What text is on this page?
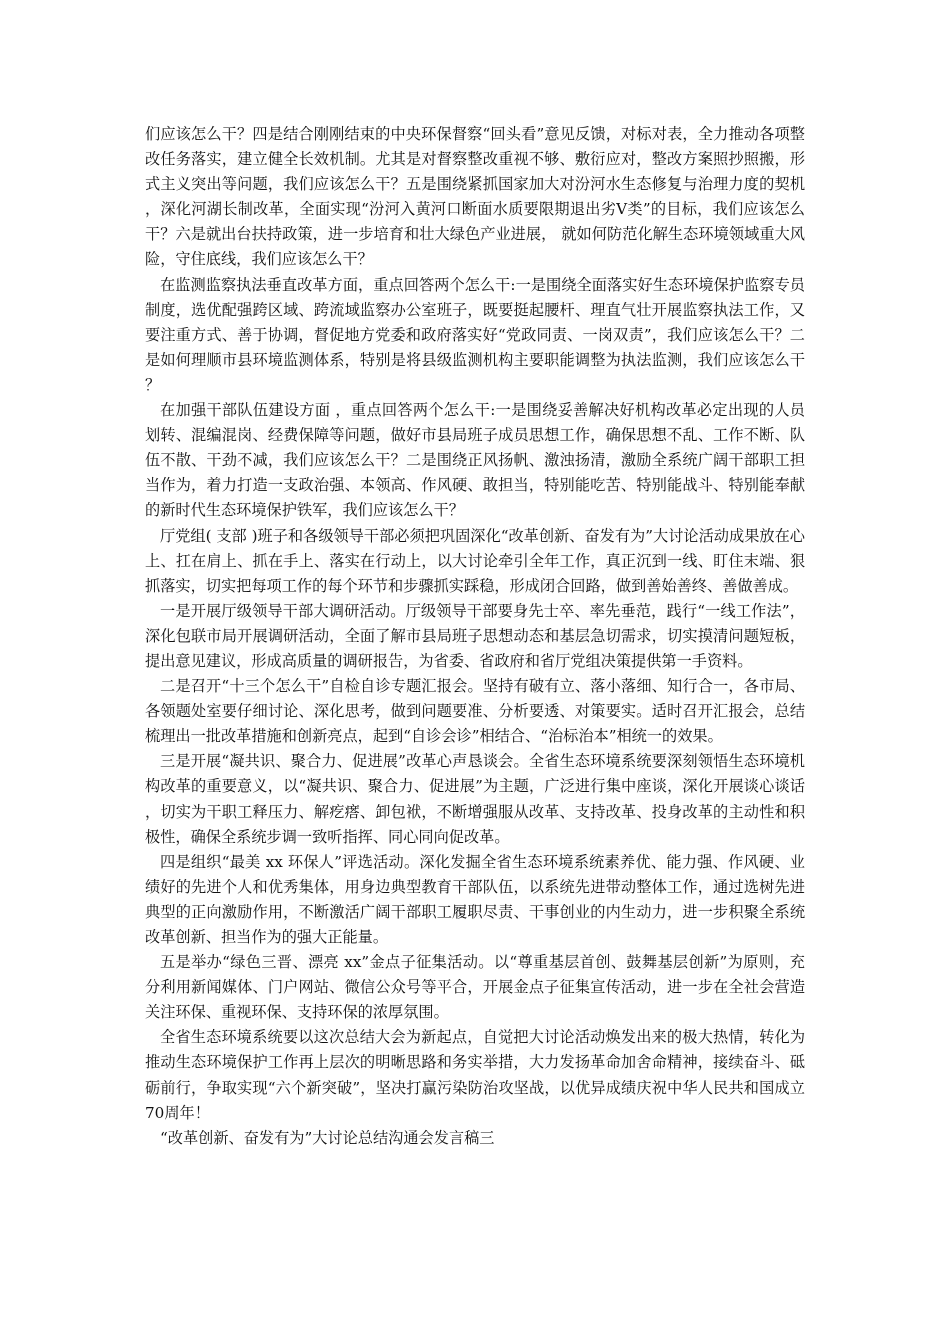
们应该怎么干？四是结合刚刚结束的中央环保督察“回头看”意见反馈，对标对表，全力推动各项整改任务落实，建立健全长效机制。尤其是对督察整改重视不够、敷衍应对，整改方案照抄照搬，形式主义突出等问题，我们应该怎么干？五是围绕紧抓国家加大对汾河水生态修复与治理力度的契机，深化河湖长制改革，全面实现“汾河入黄河口断面水质要限期退出劣Ⅴ类”的目标，我们应该怎么干？六是就出台扶持政策，进一步培育和壮大绿色产业进展， 就如何防范化解生态环境领域重大风险，守住底线，我们应该怎么干？

在监测监察执法垂直改革方面，重点回答两个怎么干:一是围绕全面落实好生态环境保护监察专员制度，选优配强跨区域、跨流域监察办公室班子，既要挺起腰杆、理直气壮开展监察执法工作，又要注重方式、善于协调，督促地方党委和政府落实好“党政同责、一岗双责”，我们应该怎么干？二是如何理顺市县环境监测体系，特别是将县级监测机构主要职能调整为执法监测，我们应该怎么干？

在加强干部队伍建设方面 ，重点回答两个怎么干:一是围绕妥善解决好机构改革必定出现的人员划转、混编混岗、经费保障等问题，做好市县局班子成员思想工作，确保思想不乱、工作不断、队伍不散、干劲不减，我们应该怎么干？二是围绕正风扬帆、激浊扬清，激励全系统广阔干部职工担当作为，着力打造一支政治强、本领高、作风硬、敢担当，特别能吃苦、特别能战斗、特别能奉献的新时代生态环境保护铁军，我们应该怎么干？

厅党组( 支部 )班子和各级领导干部必须把巩固深化“改革创新、奋发有为”大讨论活动成果放在心上、扛在肩上、抓在手上、落实在行动上，以大讨论牵引全年工作，真正沉到一线、盯住末端、狠抓落实，切实把每项工作的每个环节和步骤抓实踩稳，形成闭合回路，做到善始善终、善做善成。

一是开展厅级领导干部大调研活动。厅级领导干部要身先士卒、率先垂范，践行“一线工作法”，深化包联市局开展调研活动，全面了解市县局班子思想动态和基层急切需求，切实摸清问题短板，提出意见建议，形成高质量的调研报告，为省委、省政府和省厅党组决策提供第一手资料。

二是召开“十三个怎么干”自检自诊专题汇报会。坚持有破有立、落小落细、知行合一，各市局、各领题处室要仔细讨论、深化思考，做到问题要准、分析要透、对策要实。适时召开汇报会，总结梳理出一批改革措施和创新亮点，起到“自诊会诊”相结合、“治标治本”相统一的效果。

三是开展“凝共识、聚合力、促进展”改革心声恳谈会。全省生态环境系统要深刻领悟生态环境机构改革的重要意义，以“凝共识、聚合力、促进展”为主题，广泛进行集中座谈，深化开展谈心谈话，切实为干职工释压力、解疙瘩、卸包袱，不断增强服从改革、支持改革、投身改革的主动性和积极性，确保全系统步调一致听指挥、同心同向促改革。

四是组织“最美 xx 环保人”评选活动。深化发掘全省生态环境系统素养优、能力强、作风硬、业绩好的先进个人和优秀集体，用身边典型教育干部队伍，以系统先进带动整体工作，通过选树先进典型的正向激励作用，不断激活广阔干部职工履职尽责、干事创业的内生动力，进一步积聚全系统改革创新、担当作为的强大正能量。

五是举办“绿色三晋、漂亮 xx”金点子征集活动。以“尊重基层首创、鼓舞基层创新”为原则，充分利用新闻媒体、门户网站、微信公众号等平合，开展金点子征集宣传活动，进一步在全社会营造关注环保、重视环保、支持环保的浓厚氛围。

全省生态环境系统要以这次总结大会为新起点，自觉把大讨论活动焕发出来的极大热情，转化为推动生态环境保护工作再上层次的明晰思路和务实举措，大力发扬革命加舍命精神，接续奋斗、砥砺前行，争取实现“六个新突破”，坚决打赢污染防治攻坚战，以优异成绩庆祝中华人民共和国成立70周年！

“改革创新、奋发有为”大讨论总结沟通会发言稿三
